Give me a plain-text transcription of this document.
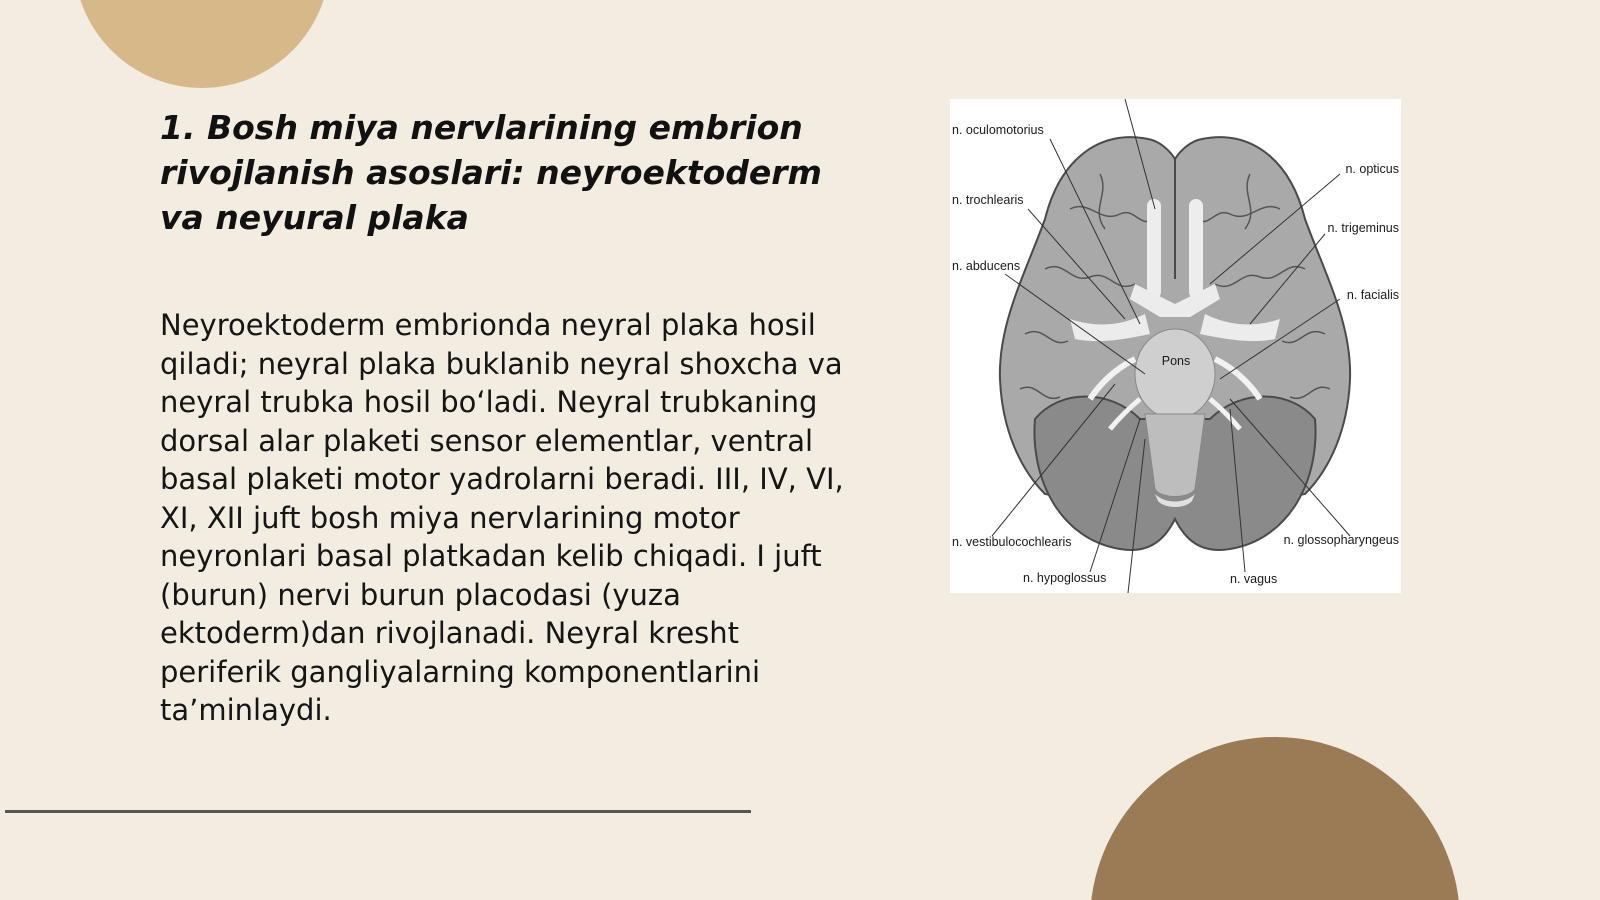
1. Bosh miya nervlarining embrion rivojlanish asoslari: neyroektoderm va neyural plaka

Neyroektoderm embrionda neyral plaka hosil qiladi; neyral plaka buklanib neyral shoxcha va neyral trubka hosil bo‘ladi. Neyral trubkaning dorsal alar plaketi sensor elementlar, ventral basal plaketi motor yadrolarni beradi. III, IV, VI, XI, XII juft bosh miya nervlarining motor neyronlari basal platkadan kelib chiqadi. I juft (burun) nervi burun placodasi (yuza ektoderm)dan rivojlanadi. Neyral kresht periferik gangliyalarning komponentlarini ta’minlaydi.

n. oculomotorius
n. opticus
n. trochlearis
n. trigeminus
n. abducens
n. facialis
Pons
n. vestibulocochlearis	n. glossopharyngeus
n. hypoglossus	n. vagus
